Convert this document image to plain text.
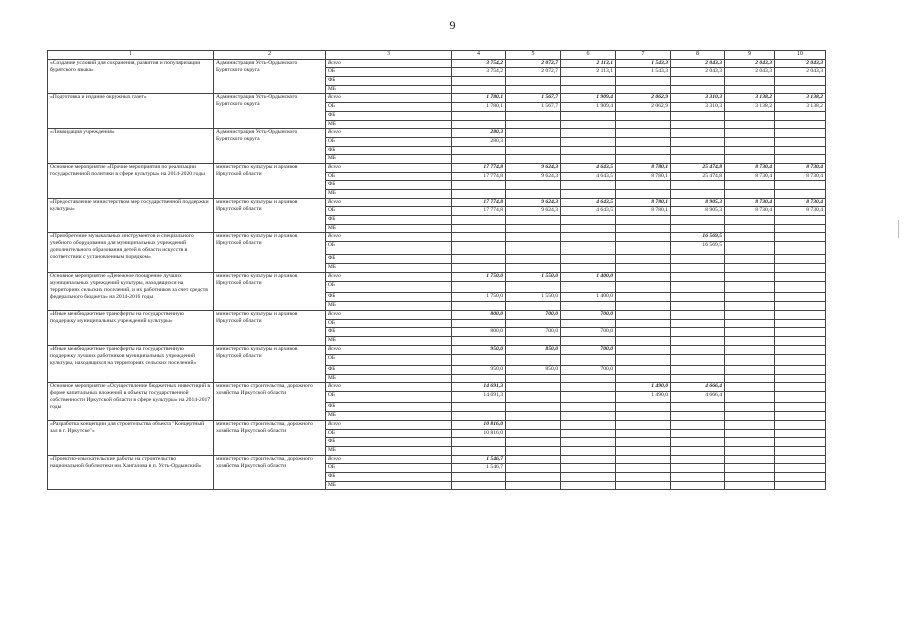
9
1	2	3	4	5	6	7	8	9	10
«Создание условий для сохранения, развития и популяризации бурятского языка»	Администрация Усть-Ордынского Бурятского округа	Всего	3 754,2	2 072,7	2 113,1	1 543,3	2 043,3	2 043,3	2 043,3
		ОБ	3 754,2	2 072,7	2 113,1	1 543,3	2 043,3	2 043,3	2 043,3
		ФБ							
		МБ							
«Подготовка и издание окружных газет»	Администрация Усть-Ордынского Бурятского округа	Всего	1 780,1	1 567,7	1 909,4	2 062,9	3 310,3	3 138,2	3 138,2
		ОБ	1 780,1	1 567,7	1 909,4	2 062,9	3 310,3	3 138,2	3 138,2
		ФБ							
		МБ							
«Ликвидация учреждения»	Администрация Усть-Ордынского Бурятского округа	Всего	280,3						
		ОБ	280,3						
		ФБ							
		МБ							
Основное мероприятие «Прочие мероприятия по реализации государственной политики в сфере культуры» на 2014-2020 годы	министерство культуры и архивов Иркутской области	Всего	17 774,8	9 624,3	4 643,5	8 780,1	25 474,8	8 730,4	8 730,4
		ОБ	17 774,8	9 624,3	4 643,5	8 780,1	25 474,8	8 730,4	8 730,4
		ФБ							
		МБ							
«Предоставление министерством мер государственной поддержки культуры»	министерство культуры и архивов Иркутской области	Всего	17 774,8	9 624,3	4 643,5	8 780,1	8 905,3	8 730,4	8 730,4
		ОБ	17 774,8	9 624,3	4 643,5	8 780,1	8 905,3	8 730,4	8 730,4
		ФБ							
		МБ							
«Приобретение музыкальных инструментов и специального учебного оборудования для муниципальных учреждений дополнительного образования детей в области искусств в соответствии с установленным порядком»	министерство культуры и архивов Иркутской области	Всего					16 569,5		
		ОБ					16 569,5		
		ФБ							
		МБ							
Основное мероприятие «Денежное поощрение лучших муниципальных учреждений культуры, находящихся на территориях сельских поселений, и их работников за счет средств федерального бюджета» на 2014-2016 годы	министерство культуры и архивов Иркутской области	Всего	1 750,0	1 550,0	1 400,0				
		ОБ							
		ФБ	1 750,0	1 550,0	1 400,0				
		МБ							
«Иные межбюджетные трансферты на государственную поддержку муниципальных учреждений культуры»	министерство культуры и архивов Иркутской области	Всего	800,0	700,0	700,0				
		ОБ							
		ФБ	800,0	700,0	700,0				
		МБ							
«Иные межбюджетные трансферты на государственную поддержку лучших работников муниципальных учреждений культуры, находящихся на территориях сельских поселений»	министерство культуры и архивов Иркутской области	Всего	950,0	850,0	700,0				
		ОБ							
		ФБ	950,0	850,0	700,0				
		МБ							
Основное мероприятие «Осуществление бюджетных инвестиций в форме капитальных вложений в объекты государственной собственности Иркутской области в сфере культуры» на 2014-2017 годы	министерство строительства, дорожного хозяйства Иркутской области	Всего	14 691,3			1 490,0	4 666,4		
		ОБ	14 691,3			1 490,0	4 666,4		
		ФБ							
		МБ							
«Разработка концепции для строительства объекта "Концертный зал в г. Иркутске"»	министерство строительства, дорожного хозяйства Иркутской области	Всего	10 816,0						
		ОБ	10 816,0						
		ФБ							
		МБ							
«Проектно-изыскательские работы на строительство национальной библиотеки им.Хангалова в п. Усть-Ордынский»	министерство строительства, дорожного хозяйства Иркутской области	Всего	1 546,7						
		ОБ	1 546,7						
		ФБ							
		МБ							
